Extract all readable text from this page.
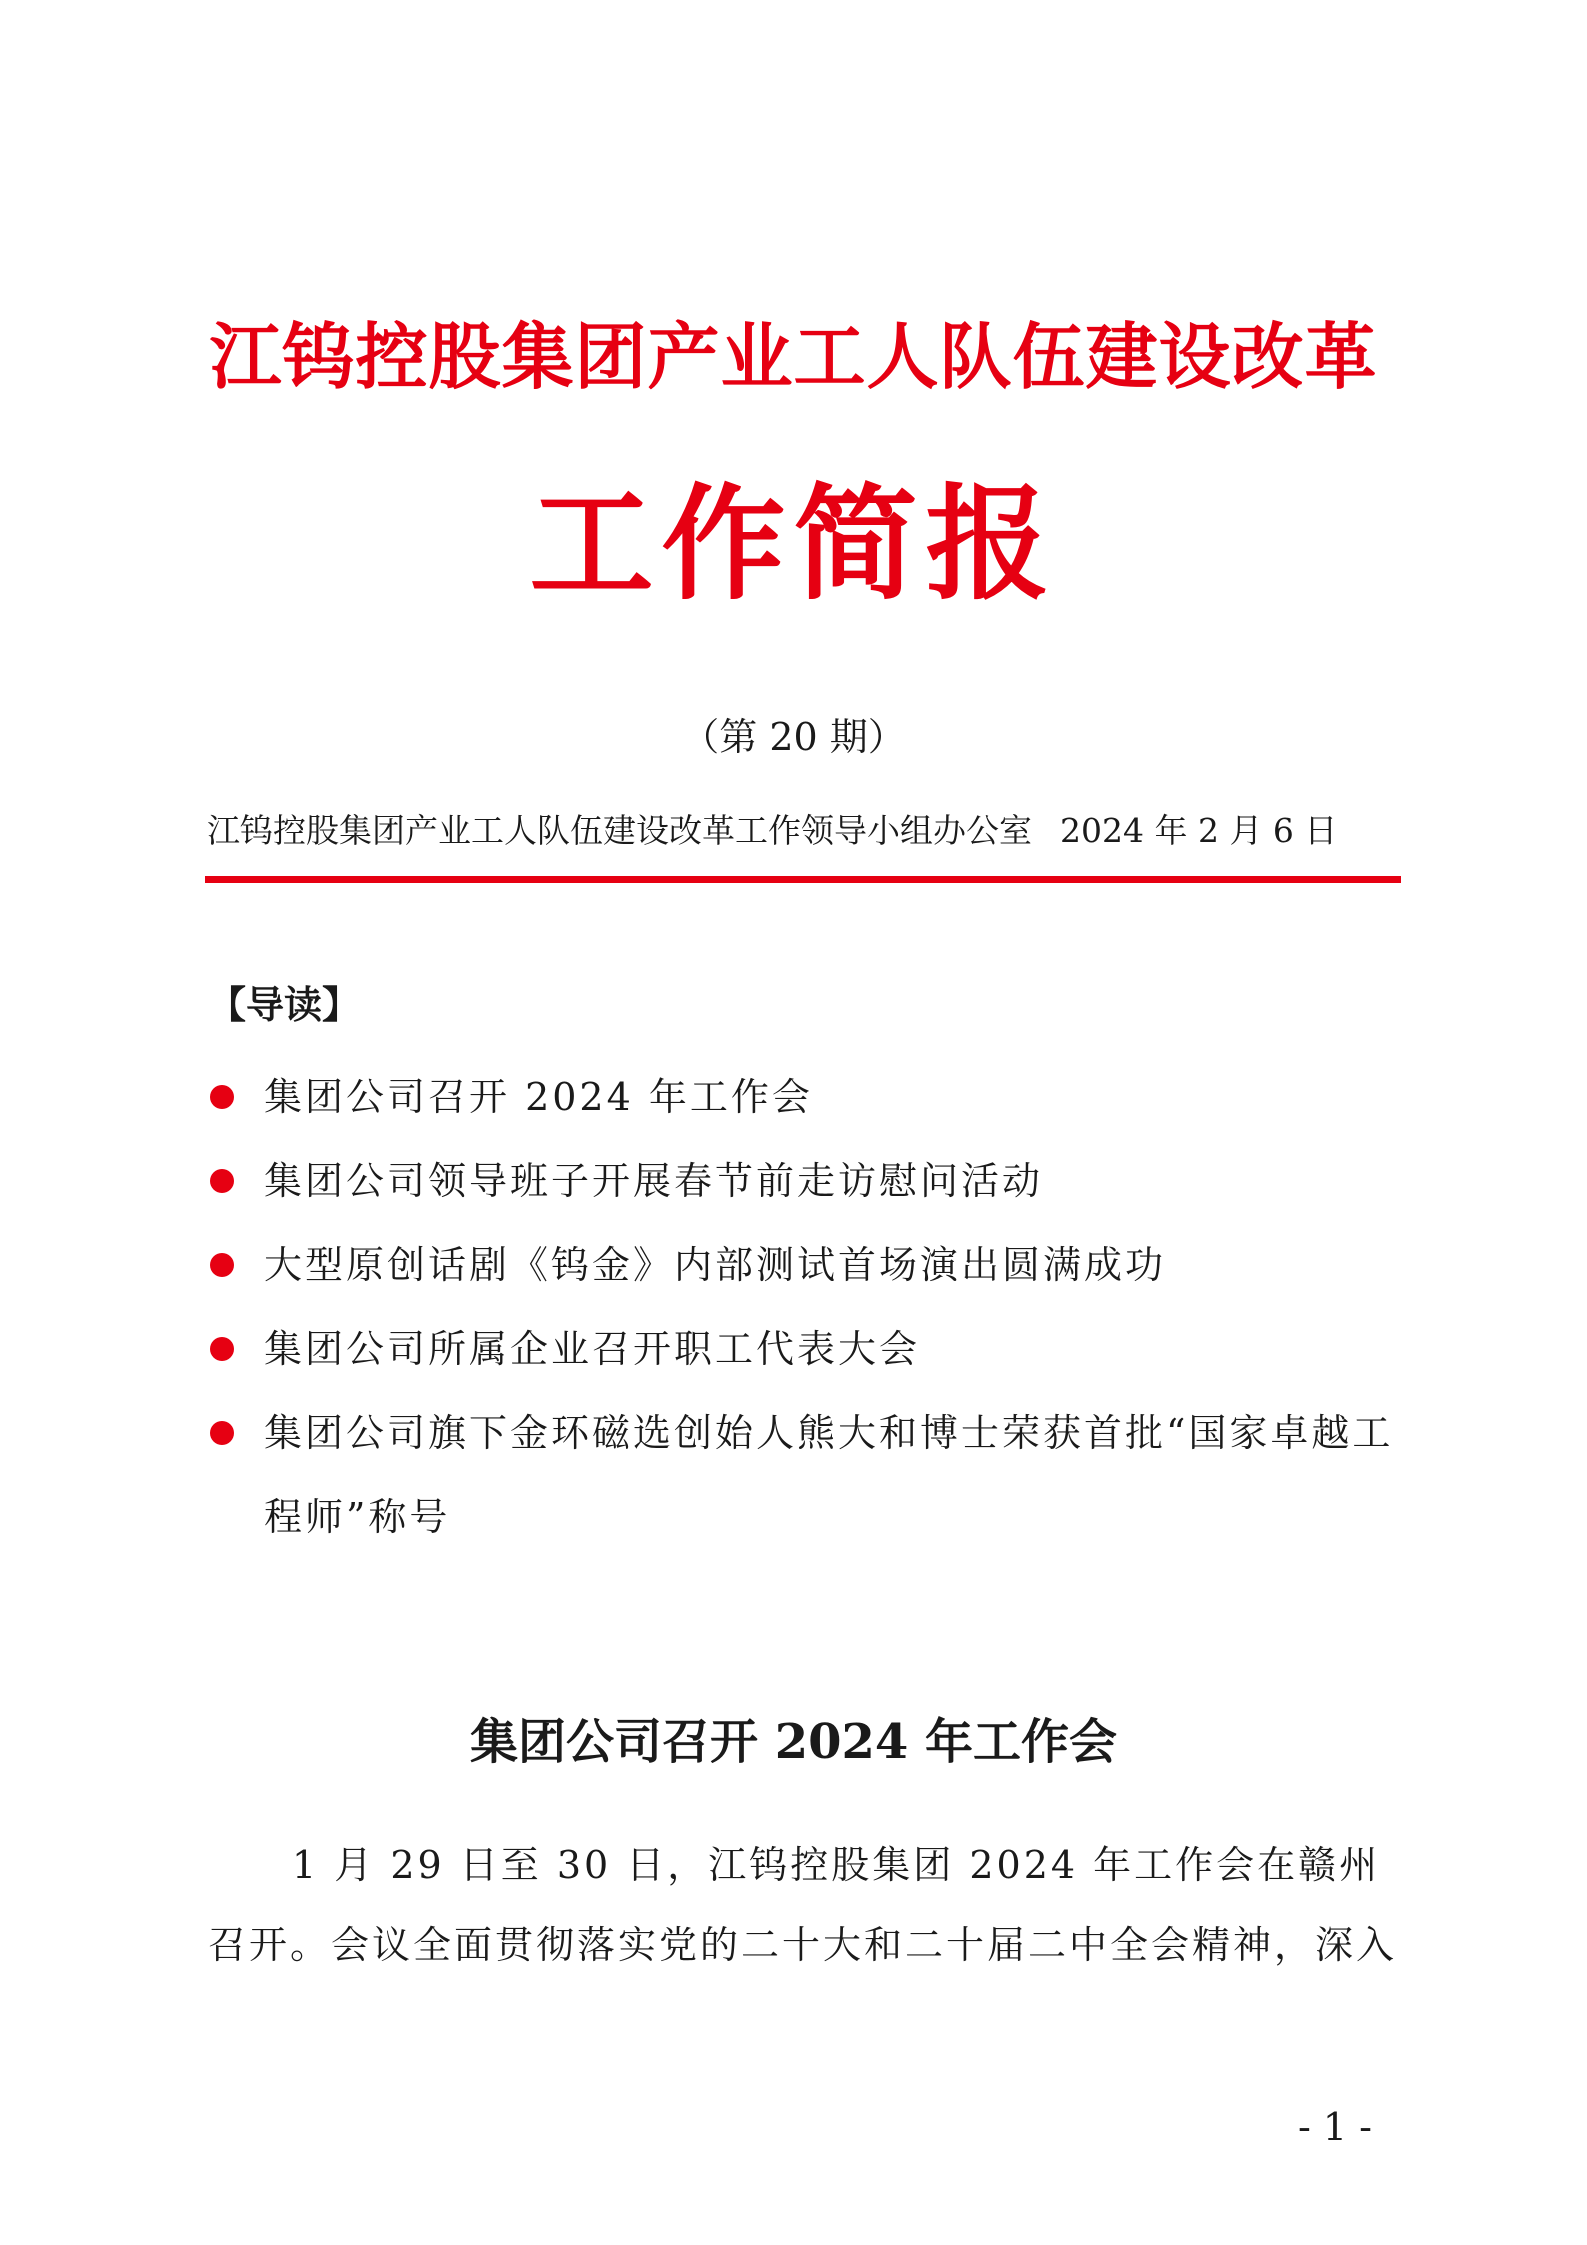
江钨控股集团产业工人队伍建设改革
工作简报
（第 20 期）
江钨控股集团产业工人队伍建设改革工作领导小组办公室 2024 年 2 月 6 日
【导读】
集团公司召开 2024 年工作会
集团公司领导班子开展春节前走访慰问活动
大型原创话剧《钨金》内部测试首场演出圆满成功
集团公司所属企业召开职工代表大会
集团公司旗下金环磁选创始人熊大和博士荣获首批“国家卓越工程师”称号
集团公司召开 2024 年工作会

1 月 29 日至 30 日，江钨控股集团 2024 年工作会在赣州召开。会议全面贯彻落实党的二十大和二十届二中全会精神，深入

- 1 -
